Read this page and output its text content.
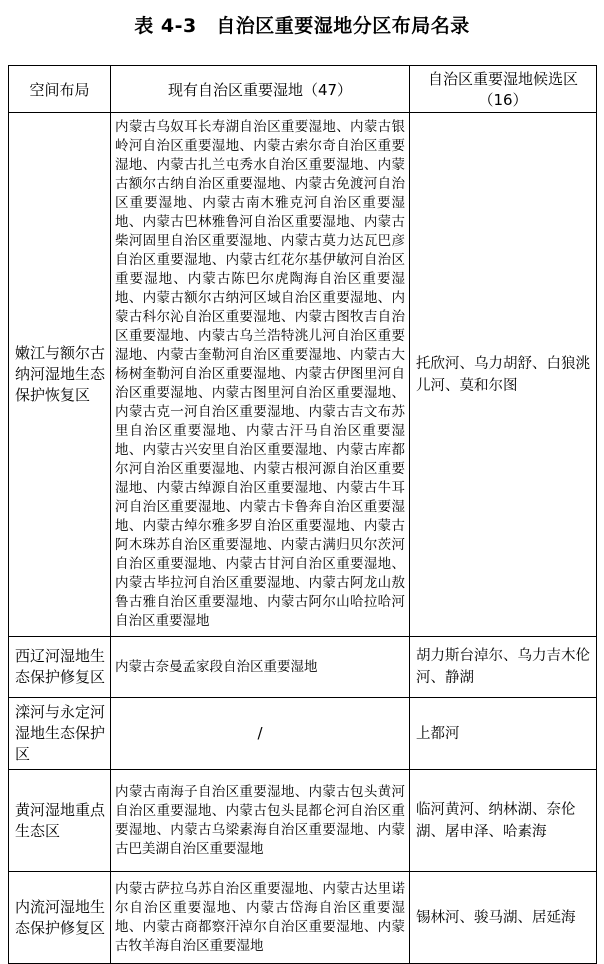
表 4-3　自治区重要湿地分区布局名录
空间布局	现有自治区重要湿地（47）	自治区重要湿地候选区（16）
嫩江与额尔古纳河湿地生态保护恢复区	内蒙古乌奴耳长寿湖自治区重要湿地、内蒙古银岭河自治区重要湿地、内蒙古索尔奇自治区重要湿地、内蒙古扎兰屯秀水自治区重要湿地、内蒙古额尔古纳自治区重要湿地、内蒙古免渡河自治区重要湿地、内蒙古南木雅克河自治区重要湿地、内蒙古巴林雅鲁河自治区重要湿地、内蒙古柴河固里自治区重要湿地、内蒙古莫力达瓦巴彦自治区重要湿地、内蒙古红花尔基伊敏河自治区重要湿地、内蒙古陈巴尔虎陶海自治区重要湿地、内蒙古额尔古纳河区域自治区重要湿地、内蒙古科尔沁自治区重要湿地、内蒙古图牧吉自治区重要湿地、内蒙古乌兰浩特洮儿河自治区重要湿地、内蒙古奎勒河自治区重要湿地、内蒙古大杨树奎勒河自治区重要湿地、内蒙古伊图里河自治区重要湿地、内蒙古图里河自治区重要湿地、内蒙古克一河自治区重要湿地、内蒙古吉文布苏里自治区重要湿地、内蒙古汗马自治区重要湿地、内蒙古兴安里自治区重要湿地、内蒙古库都尔河自治区重要湿地、内蒙古根河源自治区重要湿地、内蒙古绰源自治区重要湿地、内蒙古牛耳河自治区重要湿地、内蒙古卡鲁奔自治区重要湿地、内蒙古绰尔雅多罗自治区重要湿地、内蒙古阿木珠苏自治区重要湿地、内蒙古满归贝尔茨河自治区重要湿地、内蒙古甘河自治区重要湿地、内蒙古毕拉河自治区重要湿地、内蒙古阿龙山敖鲁古雅自治区重要湿地、内蒙古阿尔山哈拉哈河自治区重要湿地	托欣河、乌力胡舒、白狼洮儿河、莫和尔图
西辽河湿地生态保护修复区	内蒙古奈曼孟家段自治区重要湿地	胡力斯台淖尔、乌力吉木伦河、静湖
滦河与永定河湿地生态保护区	/	上都河
黄河湿地重点生态区	内蒙古南海子自治区重要湿地、内蒙古包头黄河自治区重要湿地、内蒙古包头昆都仑河自治区重要湿地、内蒙古乌梁素海自治区重要湿地、内蒙古巴美湖自治区重要湿地	临河黄河、纳林湖、奈伦湖、屠申泽、哈素海
内流河湿地生态保护修复区	内蒙古萨拉乌苏自治区重要湿地、内蒙古达里诺尔自治区重要湿地、内蒙古岱海自治区重要湿地、内蒙古商都察汗淖尔自治区重要湿地、内蒙古牧羊海自治区重要湿地	锡林河、骏马湖、居延海
